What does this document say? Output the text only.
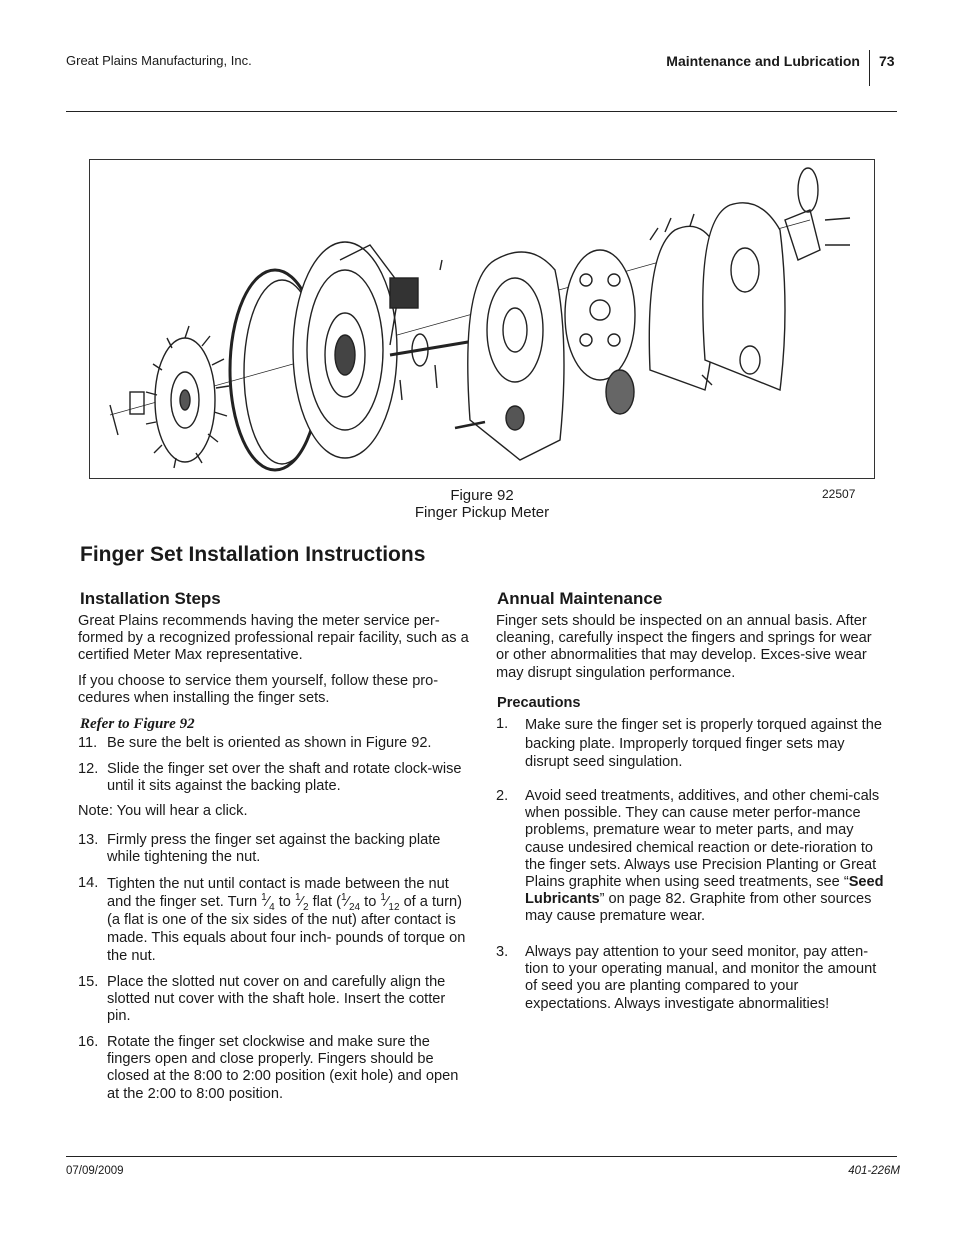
Great Plains Manufacturing, Inc.	Maintenance and Lubrication 73
Figure 92
Finger Pickup Meter
22507
Finger Set Installation Instructions
Installation Steps

Great Plains recommends having the meter service per-formed by a recognized professional repair facility, such as a certified Meter Max representative.

If you choose to service them yourself, follow these pro-cedures when installing the finger sets.

Refer to Figure 92
11. Be sure the belt is oriented as shown in Figure 92.
12. Slide the finger set over the shaft and rotate clock-wise until it sits against the backing plate.
Note: You will hear a click.
13. Firmly press the finger set against the backing plate while tightening the nut.
14. Tighten the nut until contact is made between the nut and the finger set. Turn $^1⁄_4$ to $^1⁄_2$ flat ($^1⁄_{24}$ to $^1⁄_{12}$ of a turn) (a flat is one of the six sides of the nut) after contact is made. This equals about four inch- pounds of torque on the nut.
15. Place the slotted nut cover on and carefully align the slotted nut cover with the shaft hole. Insert the cotter pin.
16. Rotate the finger set clockwise and make sure the fingers open and close properly. Fingers should be closed at the 8:00 to 2:00 position (exit hole) and open at the 2:00 to 8:00 position.
Annual Maintenance

Finger sets should be inspected on an annual basis. After cleaning, carefully inspect the fingers and springs for wear or other abnormalities that may develop. Exces-sive wear may disrupt singulation performance.

Precautions
1.	Make sure the finger set is properly torqued against the backing plate. Improperly torqued finger sets may disrupt seed singulation.
2.	Avoid seed treatments, additives, and other chemi-cals when possible. They can cause meter perfor-mance problems, premature wear to meter parts, and may cause undesired chemical reaction or dete-rioration to the finger sets. Always use Precision Planting or Great Plains graphite when using seed treatments, see “Seed Lubricants” on page 82. Graphite from other sources may cause premature wear.
3.	Always pay attention to your seed monitor, pay atten-tion to your operating manual, and monitor the amount of seed you are planting compared to your expectations. Always investigate abnormalities!
07/09/2009	401-226M
